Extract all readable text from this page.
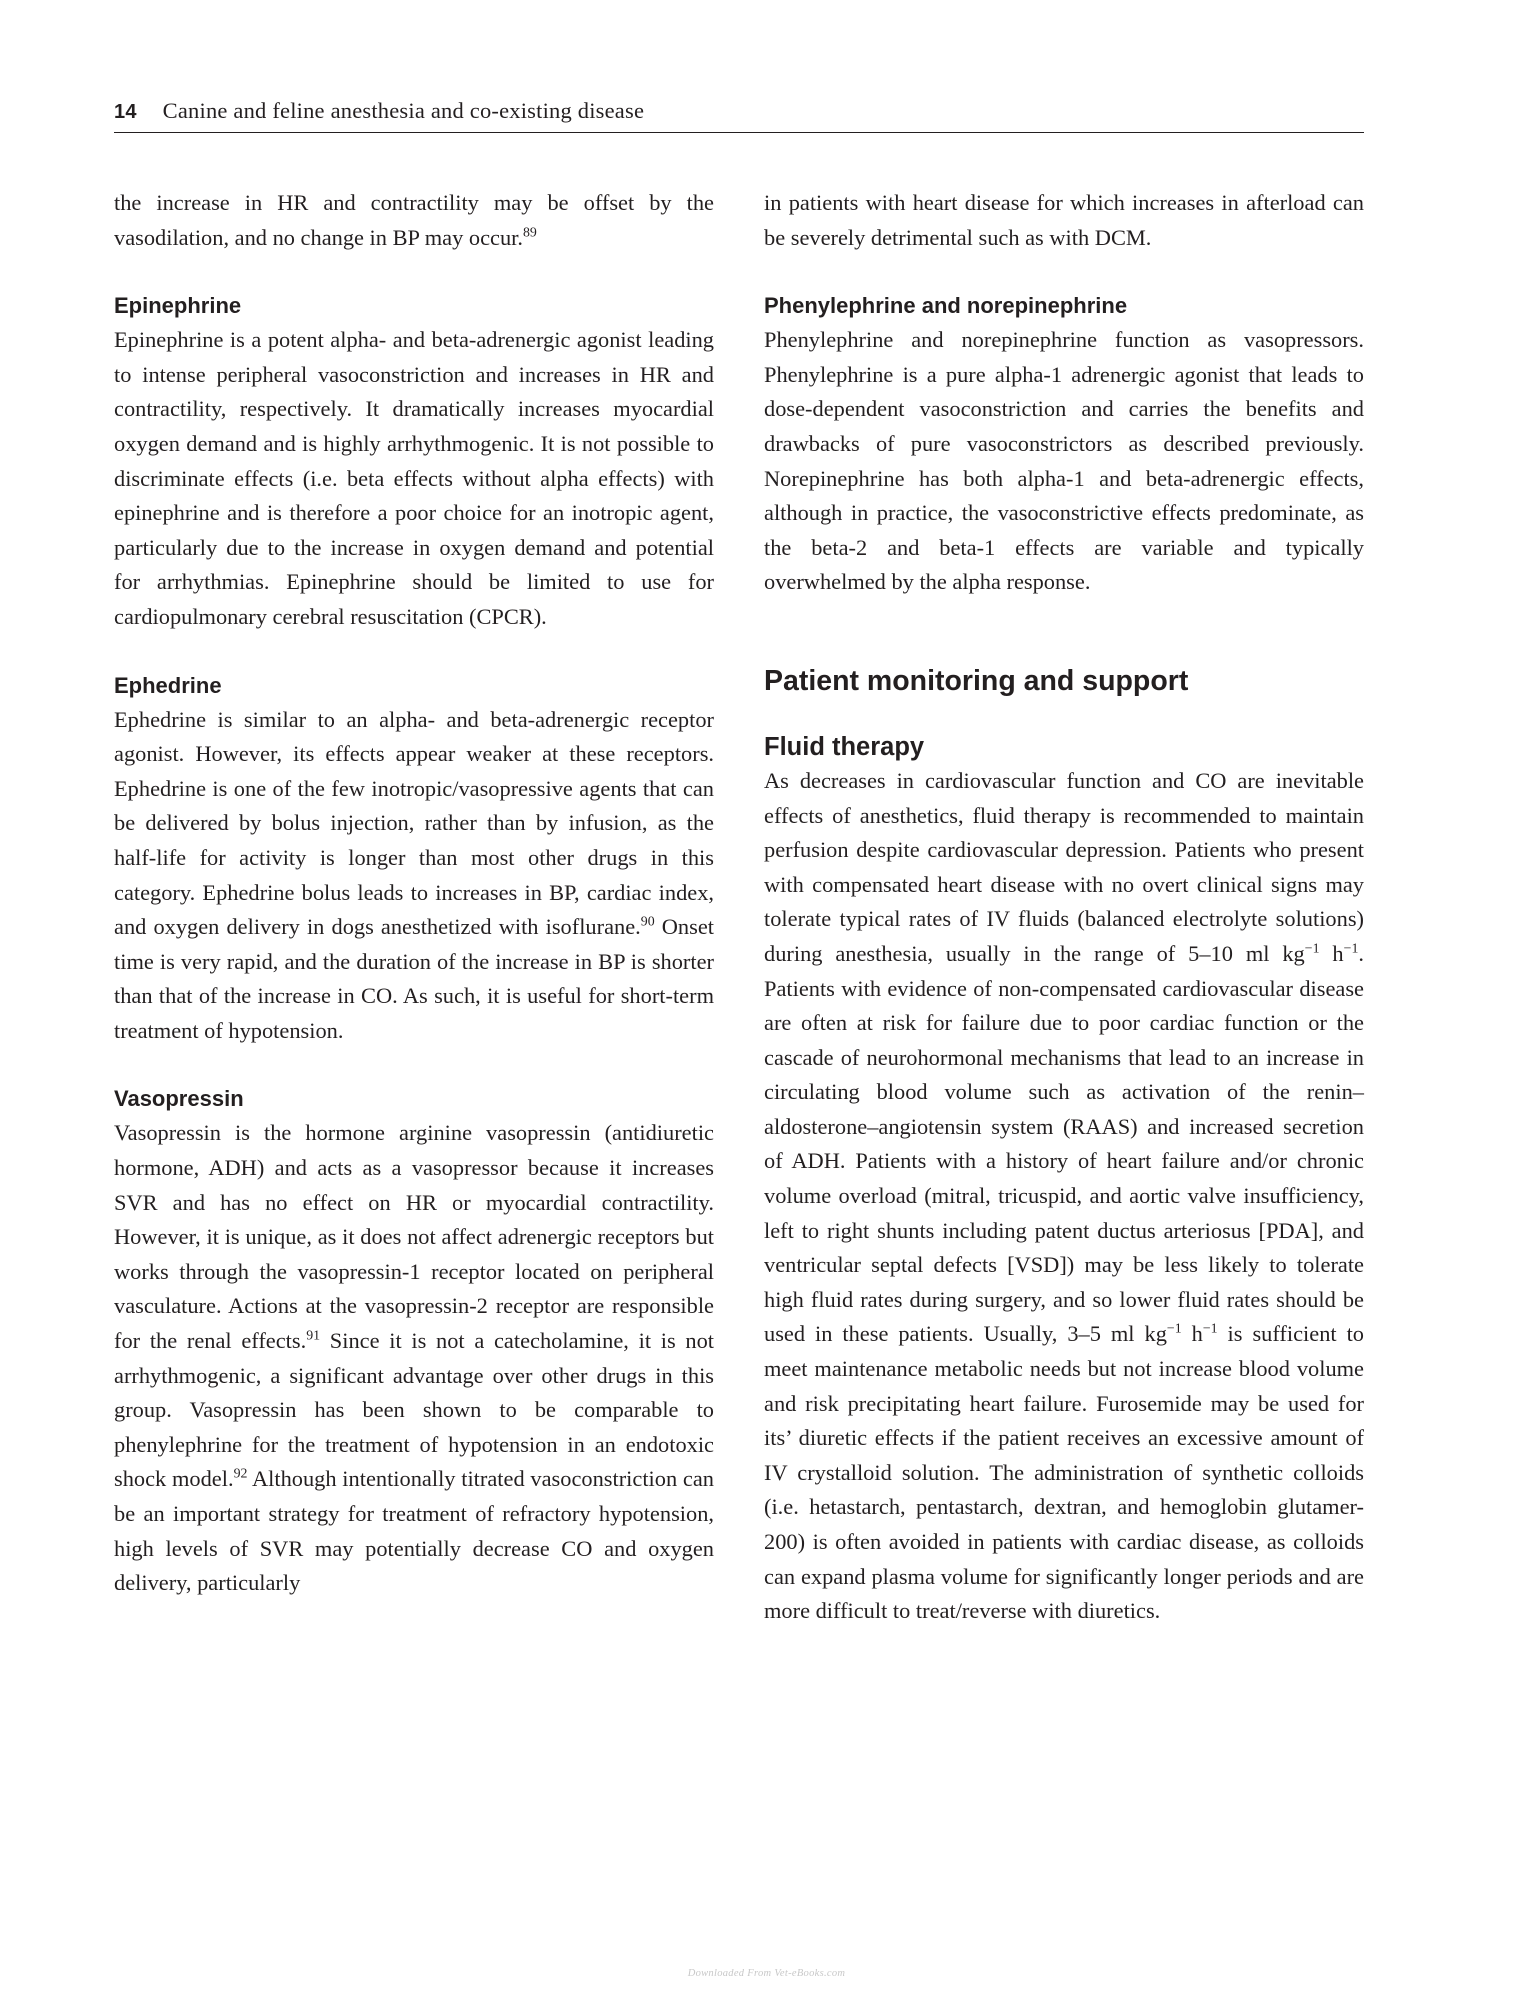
14 Canine and feline anesthesia and co-existing disease

the increase in HR and contractility may be offset by the vasodilation, and no change in BP may occur.$^{89}$

Epinephrine

Epinephrine is a potent alpha- and beta-adrenergic agonist leading to intense peripheral vasoconstriction and increases in HR and contractility, respectively. It dramatically increases myocardial oxygen demand and is highly arrhythmogenic. It is not possible to discriminate effects (i.e. beta effects without alpha effects) with epinephrine and is therefore a poor choice for an inotropic agent, particularly due to the increase in oxygen demand and potential for arrhythmias. Epinephrine should be limited to use for cardiopulmonary cerebral resuscitation (CPCR).

Ephedrine

Ephedrine is similar to an alpha- and beta-adrenergic receptor agonist. However, its effects appear weaker at these receptors. Ephedrine is one of the few inotropic/vasopressive agents that can be delivered by bolus injection, rather than by infusion, as the half-life for activity is longer than most other drugs in this category. Ephedrine bolus leads to increases in BP, cardiac index, and oxygen delivery in dogs anesthetized with isoflurane.$^{90}$ Onset time is very rapid, and the duration of the increase in BP is shorter than that of the increase in CO. As such, it is useful for short-term treatment of hypotension.

Vasopressin

Vasopressin is the hormone arginine vasopressin (antidiuretic hormone, ADH) and acts as a vasopressor because it increases SVR and has no effect on HR or myocardial contractility. However, it is unique, as it does not affect adrenergic receptors but works through the vasopressin-1 receptor located on peripheral vasculature. Actions at the vasopressin-2 receptor are responsible for the renal effects.$^{91}$ Since it is not a catecholamine, it is not arrhythmogenic, a significant advantage over other drugs in this group. Vasopressin has been shown to be comparable to phenylephrine for the treatment of hypotension in an endotoxic shock model.$^{92}$ Although intentionally titrated vasoconstriction can be an important strategy for treatment of refractory hypotension, high levels of SVR may potentially decrease CO and oxygen delivery, particularly

in patients with heart disease for which increases in afterload can be severely detrimental such as with DCM.

Phenylephrine and norepinephrine

Phenylephrine and norepinephrine function as vasopressors. Phenylephrine is a pure alpha-1 adrenergic agonist that leads to dose-dependent vasoconstriction and carries the benefits and drawbacks of pure vasoconstrictors as described previously. Norepinephrine has both alpha-1 and beta-adrenergic effects, although in practice, the vasoconstrictive effects predominate, as the beta-2 and beta-1 effects are variable and typically overwhelmed by the alpha response.

Patient monitoring and support
Fluid therapy

As decreases in cardiovascular function and CO are inevitable effects of anesthetics, fluid therapy is recommended to maintain perfusion despite cardiovascular depression. Patients who present with compensated heart disease with no overt clinical signs may tolerate typical rates of IV fluids (balanced electrolyte solutions) during anesthesia, usually in the range of 5–10 ml $kg^{-1}$ $h^{-1}$. Patients with evidence of non-compensated cardiovascular disease are often at risk for failure due to poor cardiac function or the cascade of neurohormonal mechanisms that lead to an increase in circulating blood volume such as activation of the renin–aldosterone–angiotensin system (RAAS) and increased secretion of ADH. Patients with a history of heart failure and/or chronic volume overload (mitral, tricuspid, and aortic valve insufficiency, left to right shunts including patent ductus arteriosus [PDA], and ventricular septal defects [VSD]) may be less likely to tolerate high fluid rates during surgery, and so lower fluid rates should be used in these patients. Usually, 3–5 ml $kg^{-1}$ $h^{-1}$ is sufficient to meet maintenance metabolic needs but not increase blood volume and risk precipitating heart failure. Furosemide may be used for its’ diuretic effects if the patient receives an excessive amount of IV crystalloid solution. The administration of synthetic colloids (i.e. hetastarch, pentastarch, dextran, and hemoglobin glutamer-200) is often avoided in patients with cardiac disease, as colloids can expand plasma volume for significantly longer periods and are more difficult to treat/reverse with diuretics.

Downloaded From Vet-eBooks.com
